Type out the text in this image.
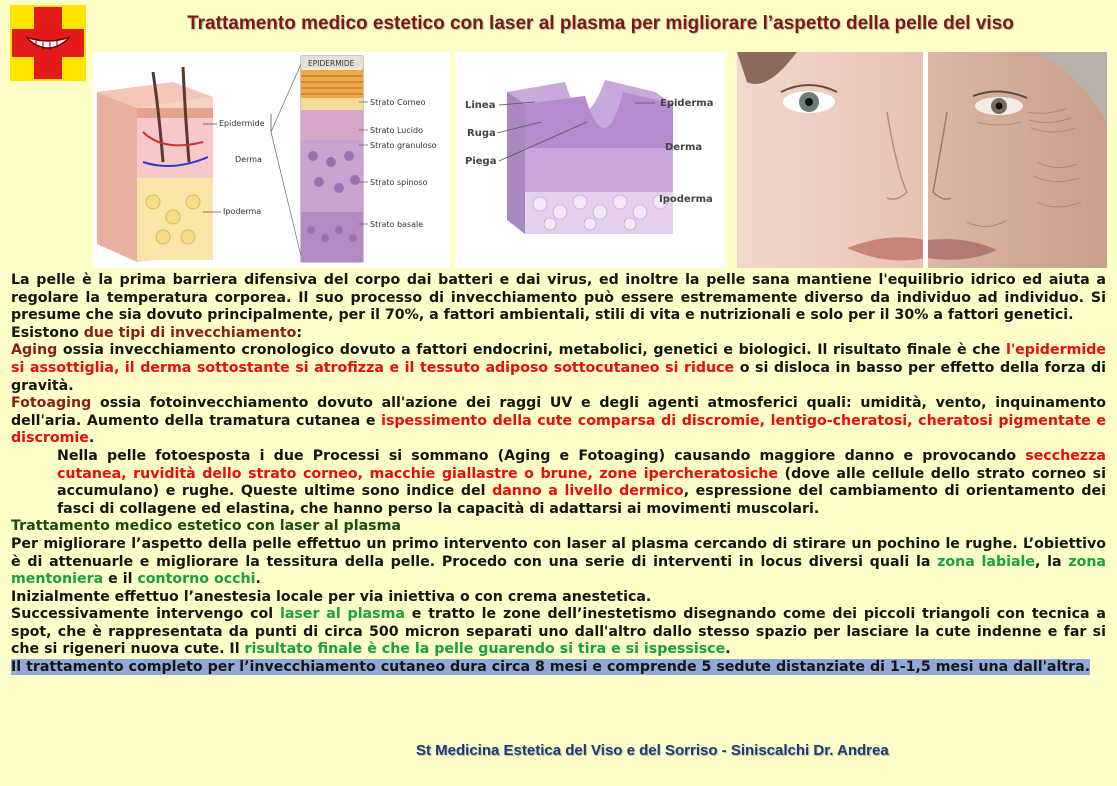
Trattamento medico estetico con laser al plasma per migliorare l’aspetto della pelle del viso
Epidermide
Derma
Ipoderma
EPIDERMIDE
Strato Corneo
Strato Lucido
Strato granuloso
Strato spinoso
Strato basale
Linea
Ruga
Piega
Epiderma
Derma
Ipoderma

La pelle è la prima barriera difensiva del corpo dai batteri e dai virus, ed inoltre la pelle sana mantiene l'equilibrio idrico ed aiuta a regolare la temperatura corporea. Il suo processo di invecchiamento può essere estremamente diverso da individuo ad individuo. Si presume che sia dovuto principalmente, per il 70%, a fattori ambientali, stili di vita e nutrizionali e solo per il 30% a fattori genetici.

Esistono due tipi di invecchiamento:

Aging ossia invecchiamento cronologico dovuto a fattori endocrini, metabolici, genetici e biologici. Il risultato finale è che l'epidermide si assottiglia, il derma sottostante si atrofizza e il tessuto adiposo sottocutaneo si riduce o si disloca in basso per effetto della forza di gravità.

Fotoaging ossia fotoinvecchiamento dovuto all'azione dei raggi UV e degli agenti atmosferici quali: umidità, vento, inquinamento dell'aria. Aumento della tramatura cutanea e ispessimento della cute comparsa di discromie, lentigo-cheratosi, cheratosi pigmentate e discromie.

Nella pelle fotoesposta i due Processi si sommano (Aging e Fotoaging) causando maggiore danno e provocando secchezza cutanea, ruvidità dello strato corneo, macchie giallastre o brune, zone ipercheratosiche (dove alle cellule dello strato corneo si accumulano) e rughe. Queste ultime sono indice del danno a livello dermico, espressione del cambiamento di orientamento dei fasci di collagene ed elastina, che hanno perso la capacità di adattarsi ai movimenti muscolari.

Trattamento medico estetico con laser al plasma

Per migliorare l’aspetto della pelle effettuo un primo intervento con laser al plasma cercando di stirare un pochino le rughe. L’obiettivo è di attenuarle e migliorare la tessitura della pelle. Procedo con una serie di interventi in locus diversi quali la zona labiale, la zona mentoniera e il contorno occhi.

Inizialmente effettuo l’anestesia locale per via iniettiva o con crema anestetica.

Successivamente intervengo col laser al plasma e tratto le zone dell’inestetismo disegnando come dei piccoli triangoli con tecnica a spot, che è rappresentata da punti di circa 500 micron separati uno dall'altro dallo stesso spazio per lasciare la cute indenne e far si che si rigeneri nuova cute. Il risultato finale è che la pelle guarendo si tira e si ispessisce.

Il trattamento completo per l’invecchiamento cutaneo dura circa 8 mesi e comprende 5 sedute distanziate di 1-1,5 mesi una dall'altra.

St Medicina Estetica del Viso e del Sorriso - Siniscalchi Dr. Andrea
